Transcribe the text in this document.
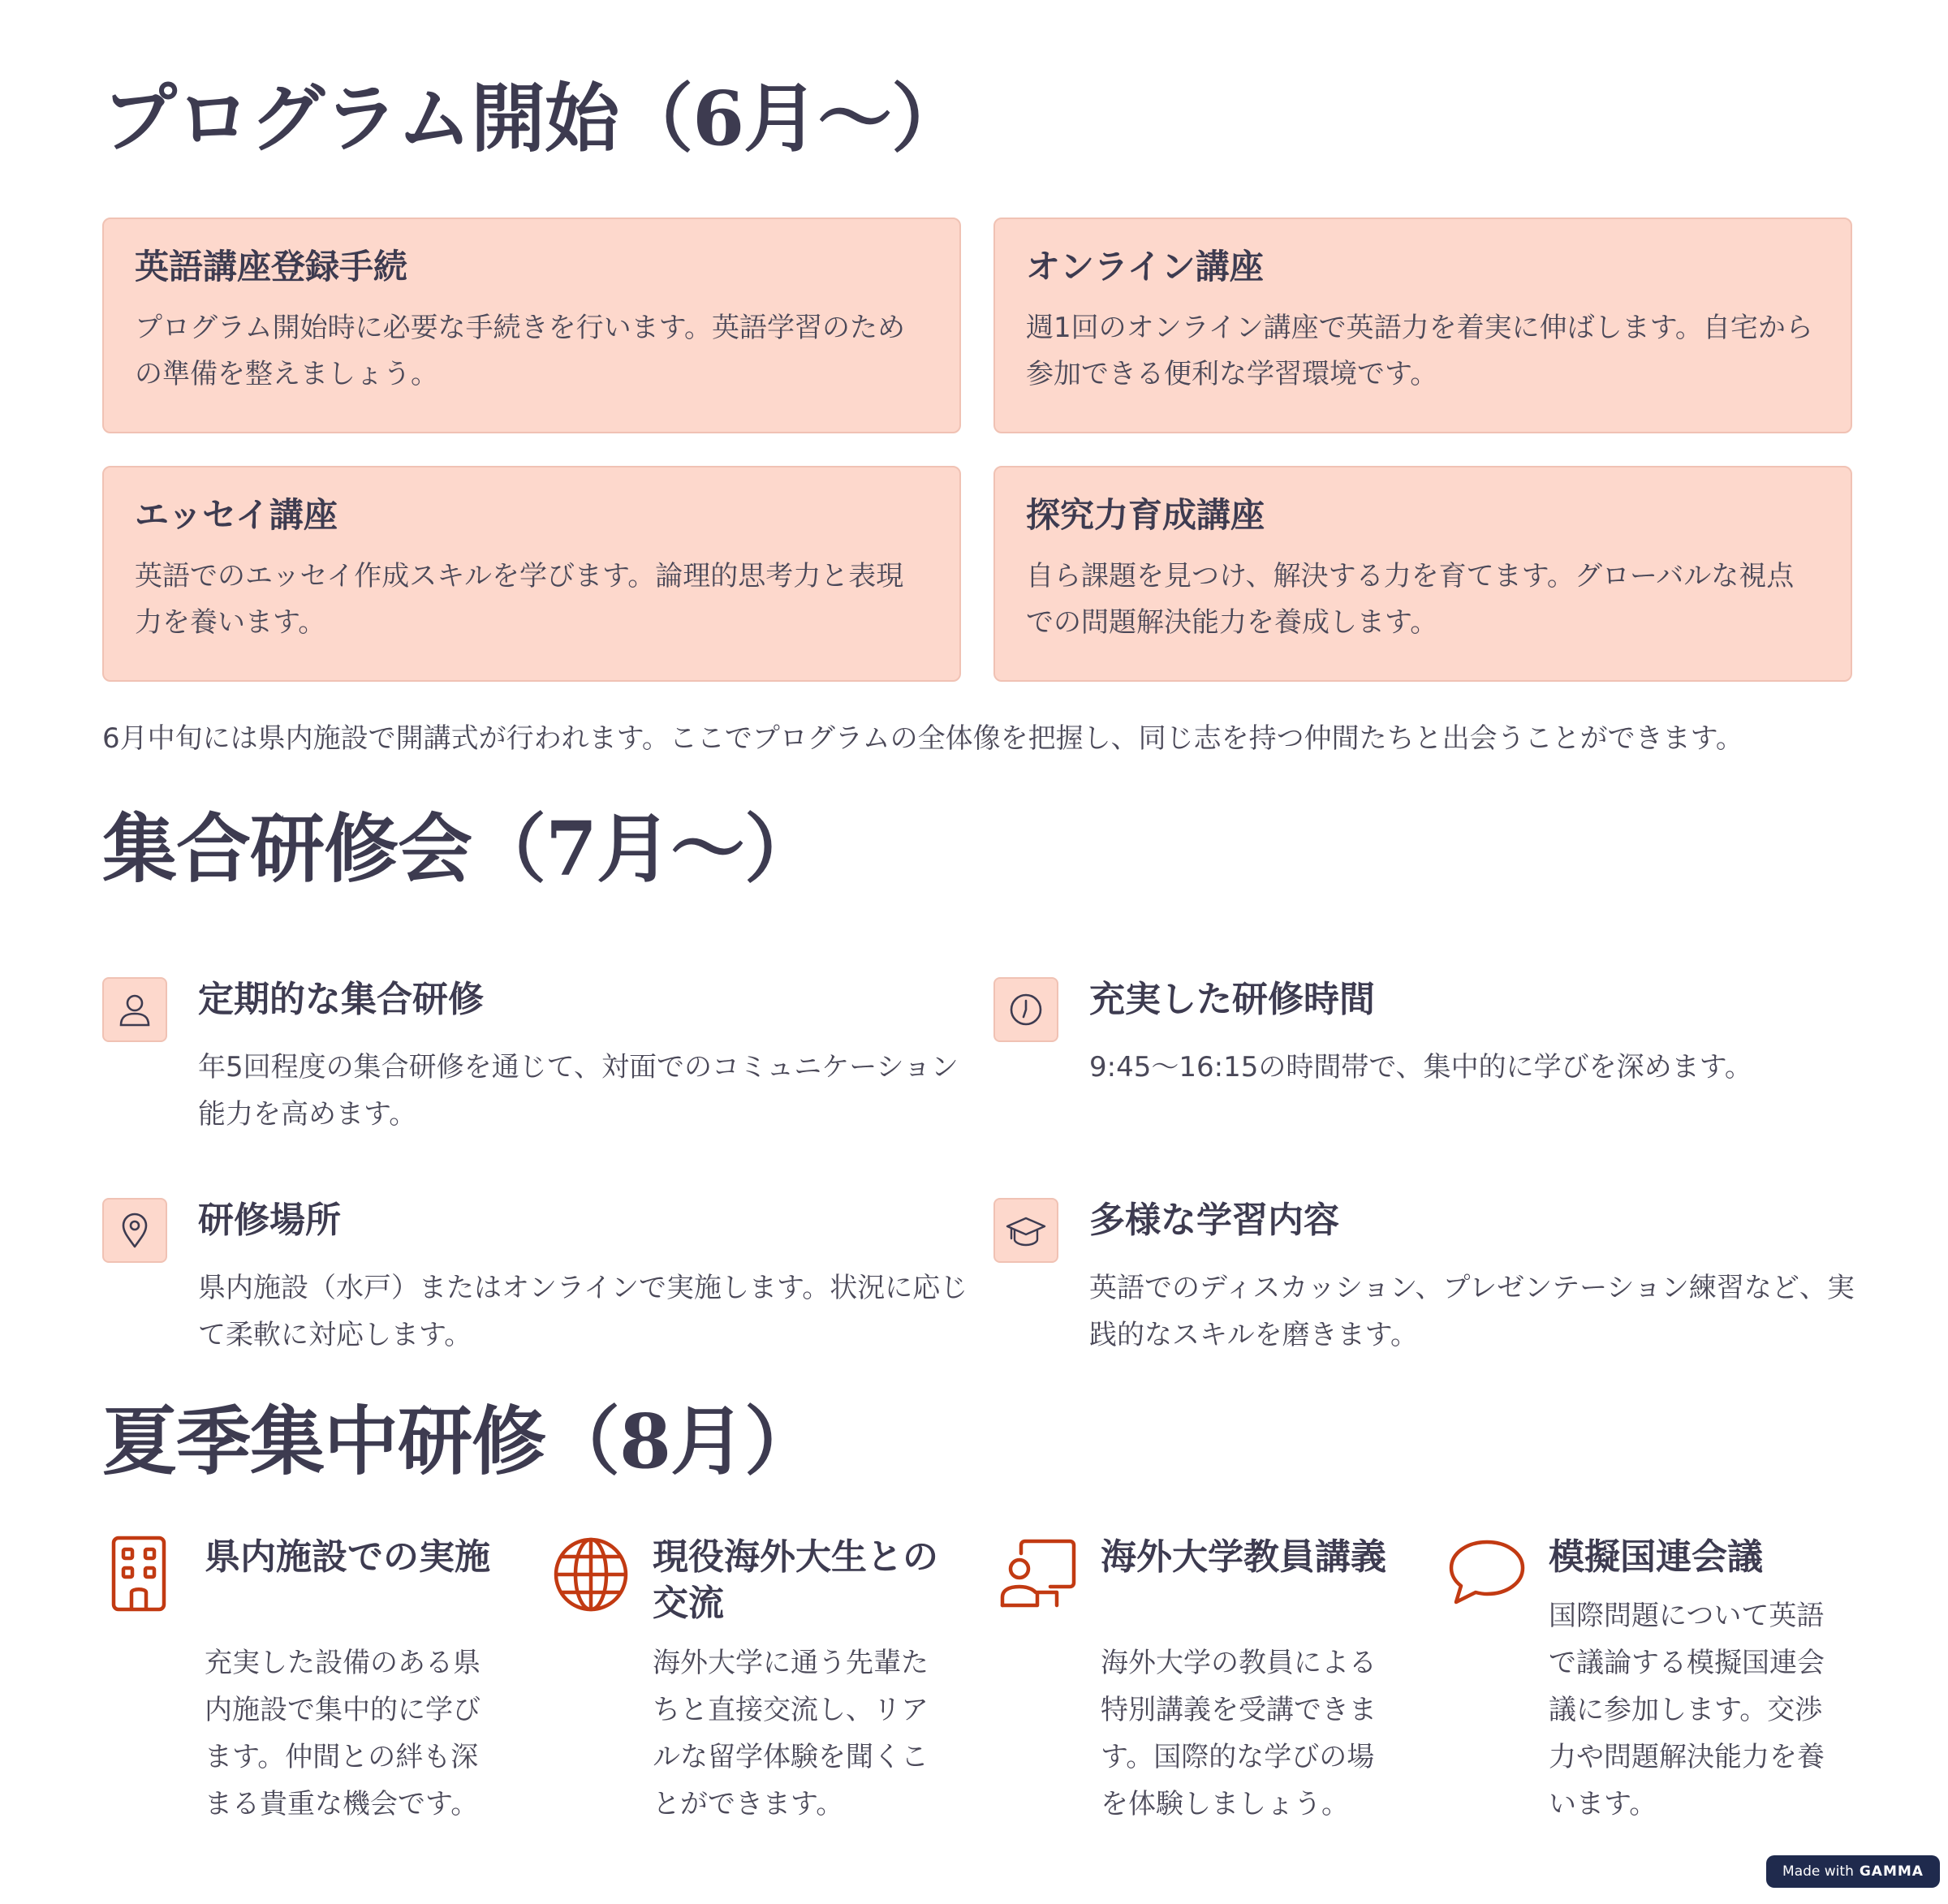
プログラム開始（6月〜）
英語講座登録手続

プログラム開始時に必要な手続きを行います。英語学習のための準備を整えましょう。

オンライン講座

週1回のオンライン講座で英語力を着実に伸ばします。自宅から参加できる便利な学習環境です。

エッセイ講座

英語でのエッセイ作成スキルを学びます。論理的思考力と表現力を養います。

探究力育成講座

自ら課題を見つけ、解決する力を育てます。グローバルな視点での問題解決能力を養成します。

6月中旬には県内施設で開講式が行われます。ここでプログラムの全体像を把握し、同じ志を持つ仲間たちと出会うことができます。
集合研修会（7月〜）
定期的な集合研修

年5回程度の集合研修を通じて、対面でのコミュニケーション能力を高めます。

充実した研修時間

9:45〜16:15の時間帯で、集中的に学びを深めます。

研修場所

県内施設（水戸）またはオンラインで実施します。状況に応じて柔軟に対応します。

多様な学習内容

英語でのディスカッション、プレゼンテーション練習など、実践的なスキルを磨きます。

夏季集中研修（8月）
県内施設での実施

充実した設備のある県内施設で集中的に学びます。仲間との絆も深まる貴重な機会です。

現役海外大生との交流

海外大学に通う先輩たちと直接交流し、リアルな留学体験を聞くことができます。

海外大学教員講義

海外大学の教員による特別講義を受講できます。国際的な学びの場を体験しましょう。

模擬国連会議

国際問題について英語で議論する模擬国連会議に参加します。交渉力や問題解決能力を養います。

Made with GAMMA
